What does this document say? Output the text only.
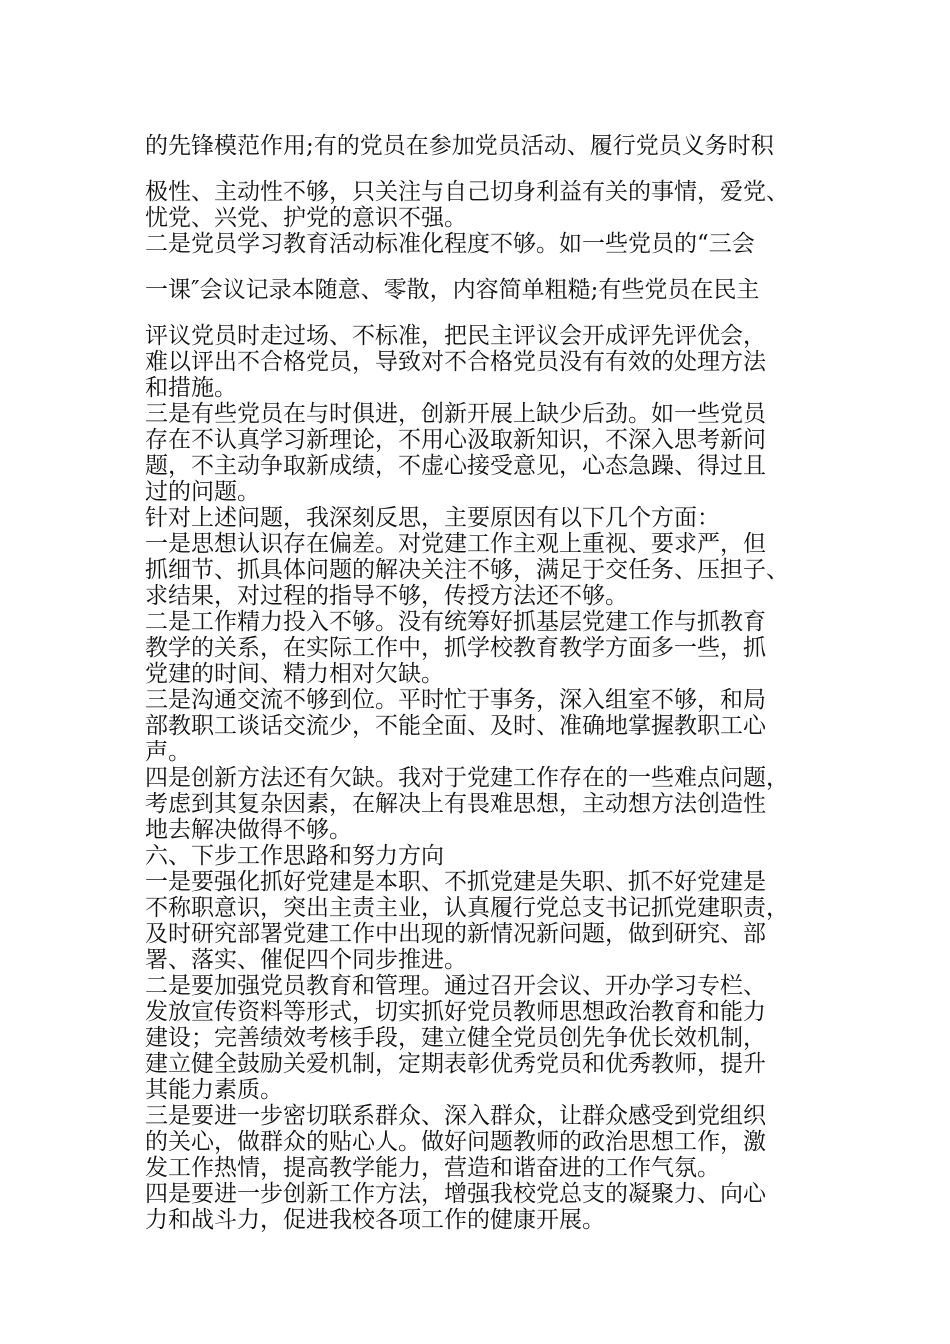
的先锋模范作用;有的党员在参加党员活动、履行党员义务时积

极性、主动性不够，只关注与自己切身利益有关的事情，爱党、

忧党、兴党、护党的意识不强。

二是党员学习教育活动标准化程度不够。如一些党员的“三会

一课″会议记录本随意、零散，内容简单粗糙;有些党员在民主

评议党员时走过场、不标准，把民主评议会开成评先评优会，

难以评出不合格党员，导致对不合格党员没有有效的处理方法

和措施。

三是有些党员在与时俱进，创新开展上缺少后劲。如一些党员

存在不认真学习新理论，不用心汲取新知识，不深入思考新问

题，不主动争取新成绩，不虚心接受意见，心态急躁、得过且

过的问题。

针对上述问题，我深刻反思，主要原因有以下几个方面：

一是思想认识存在偏差。对党建工作主观上重视、要求严，但

抓细节、抓具体问题的解决关注不够，满足于交任务、压担子、

求结果，对过程的指导不够，传授方法还不够。

二是工作精力投入不够。没有统筹好抓基层党建工作与抓教育

教学的关系，在实际工作中，抓学校教育教学方面多一些，抓

党建的时间、精力相对欠缺。

三是沟通交流不够到位。平时忙于事务，深入组室不够，和局

部教职工谈话交流少，不能全面、及时、准确地掌握教职工心

声。

四是创新方法还有欠缺。我对于党建工作存在的一些难点问题，

考虑到其复杂因素，在解决上有畏难思想，主动想方法创造性

地去解决做得不够。

六、下步工作思路和努力方向

一是要强化抓好党建是本职、不抓党建是失职、抓不好党建是

不称职意识，突出主责主业，认真履行党总支书记抓党建职责，

及时研究部署党建工作中出现的新情况新问题，做到研究、部

署、落实、催促四个同步推进。

二是要加强党员教育和管理。通过召开会议、开办学习专栏、

发放宣传资料等形式，切实抓好党员教师思想政治教育和能力

建设；完善绩效考核手段，建立健全党员创先争优长效机制，

建立健全鼓励关爱机制，定期表彰优秀党员和优秀教师，提升

其能力素质。

三是要进一步密切联系群众、深入群众，让群众感受到党组织

的关心，做群众的贴心人。做好问题教师的政治思想工作，激

发工作热情，提高教学能力，营造和谐奋进的工作气氛。

四是要进一步创新工作方法，增强我校党总支的凝聚力、向心

力和战斗力，促进我校各项工作的健康开展。
